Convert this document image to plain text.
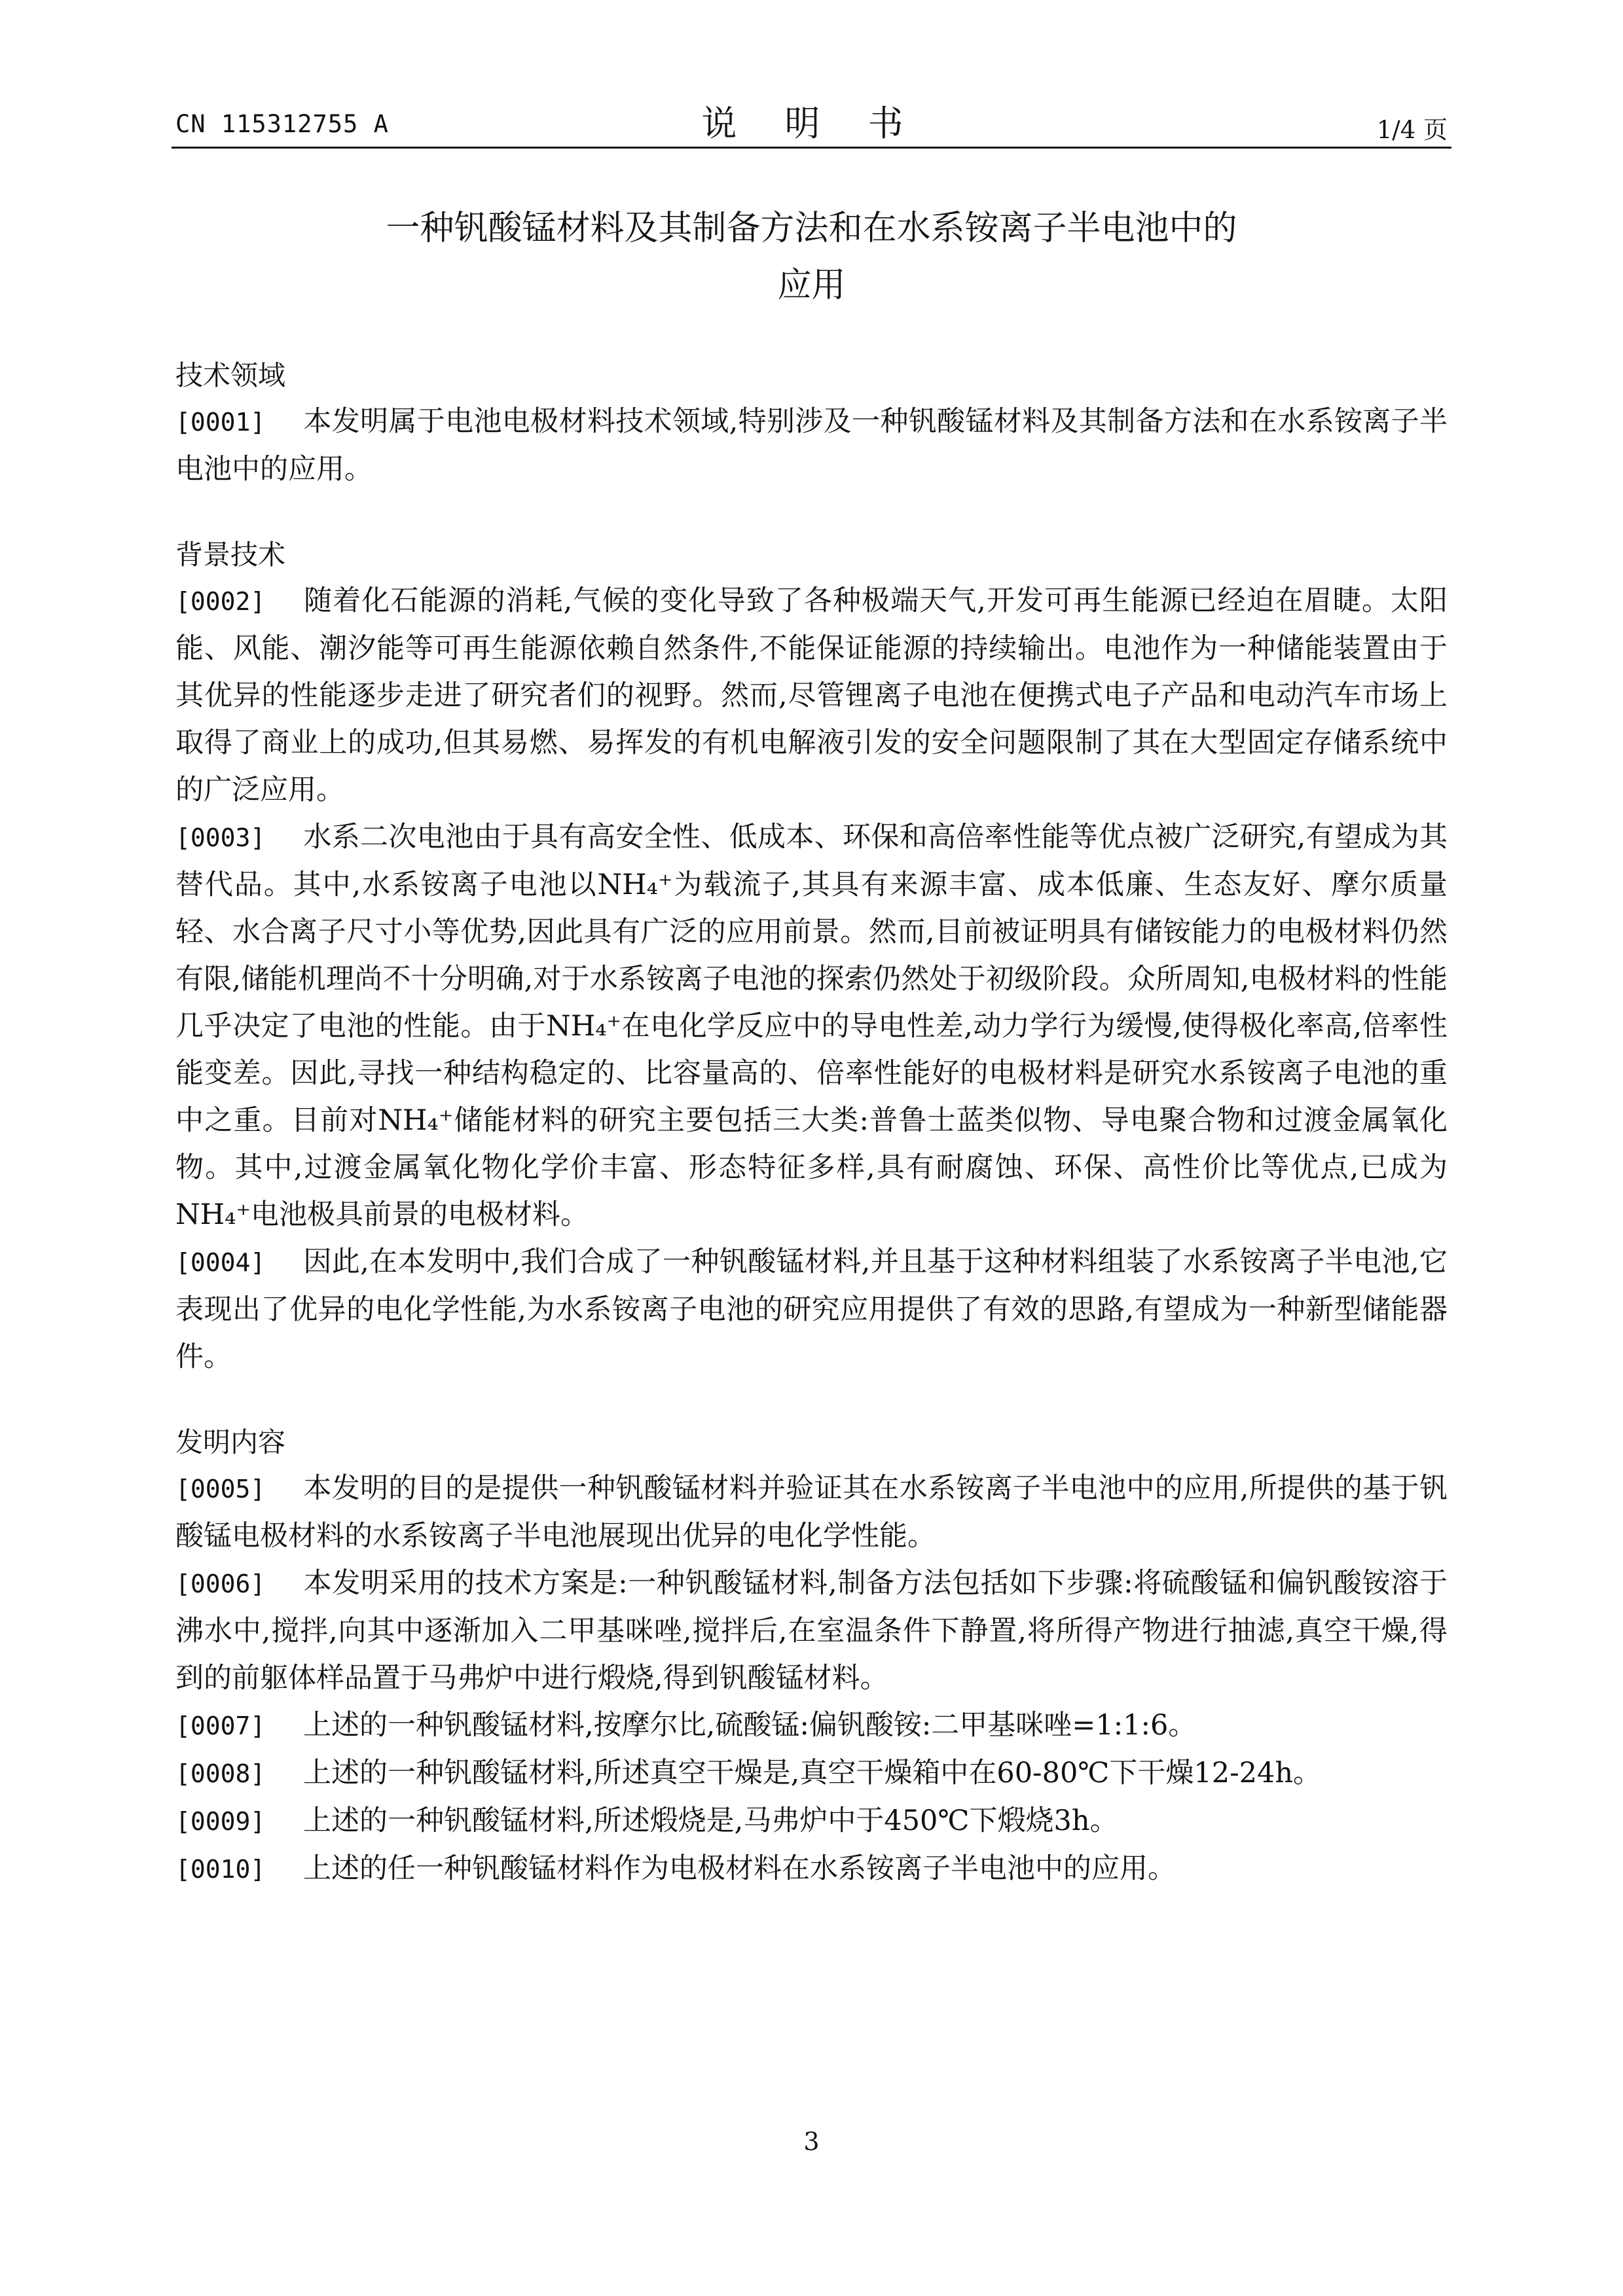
CN 115312755 A	说 明 书	1/4 页
一种钒酸锰材料及其制备方法和在水系铵离子半电池中的
应用
技术领域

[0001] 本发明属于电池电极材料技术领域,特别涉及一种钒酸锰材料及其制备方法和在水系铵离子半电池中的应用。

背景技术

[0002] 随着化石能源的消耗,气候的变化导致了各种极端天气,开发可再生能源已经迫在眉睫。太阳能、风能、潮汐能等可再生能源依赖自然条件,不能保证能源的持续输出。电池作为一种储能装置由于其优异的性能逐步走进了研究者们的视野。然而,尽管锂离子电池在便携式电子产品和电动汽车市场上取得了商业上的成功,但其易燃、易挥发的有机电解液引发的安全问题限制了其在大型固定存储系统中的广泛应用。

[0003] 水系二次电池由于具有高安全性、低成本、环保和高倍率性能等优点被广泛研究,有望成为其替代品。其中,水系铵离子电池以NH₄⁺为载流子,其具有来源丰富、成本低廉、生态友好、摩尔质量轻、水合离子尺寸小等优势,因此具有广泛的应用前景。然而,目前被证明具有储铵能力的电极材料仍然有限,储能机理尚不十分明确,对于水系铵离子电池的探索仍然处于初级阶段。众所周知,电极材料的性能几乎决定了电池的性能。由于NH₄⁺在电化学反应中的导电性差,动力学行为缓慢,使得极化率高,倍率性能变差。因此,寻找一种结构稳定的、比容量高的、倍率性能好的电极材料是研究水系铵离子电池的重中之重。目前对NH₄⁺储能材料的研究主要包括三大类:普鲁士蓝类似物、导电聚合物和过渡金属氧化物。其中,过渡金属氧化物化学价丰富、形态特征多样,具有耐腐蚀、环保、高性价比等优点,已成为NH₄⁺电池极具前景的电极材料。

[0004] 因此,在本发明中,我们合成了一种钒酸锰材料,并且基于这种材料组装了水系铵离子半电池,它表现出了优异的电化学性能,为水系铵离子电池的研究应用提供了有效的思路,有望成为一种新型储能器件。

发明内容

[0005] 本发明的目的是提供一种钒酸锰材料并验证其在水系铵离子半电池中的应用,所提供的基于钒酸锰电极材料的水系铵离子半电池展现出优异的电化学性能。

[0006] 本发明采用的技术方案是:一种钒酸锰材料,制备方法包括如下步骤:将硫酸锰和偏钒酸铵溶于沸水中,搅拌,向其中逐渐加入二甲基咪唑,搅拌后,在室温条件下静置,将所得产物进行抽滤,真空干燥,得到的前躯体样品置于马弗炉中进行煅烧,得到钒酸锰材料。

[0007] 上述的一种钒酸锰材料,按摩尔比,硫酸锰:偏钒酸铵:二甲基咪唑=1:1:6。

[0008] 上述的一种钒酸锰材料,所述真空干燥是,真空干燥箱中在60-80℃下干燥12-24h。

[0009] 上述的一种钒酸锰材料,所述煅烧是,马弗炉中于450℃下煅烧3h。

[0010] 上述的任一种钒酸锰材料作为电极材料在水系铵离子半电池中的应用。

3
